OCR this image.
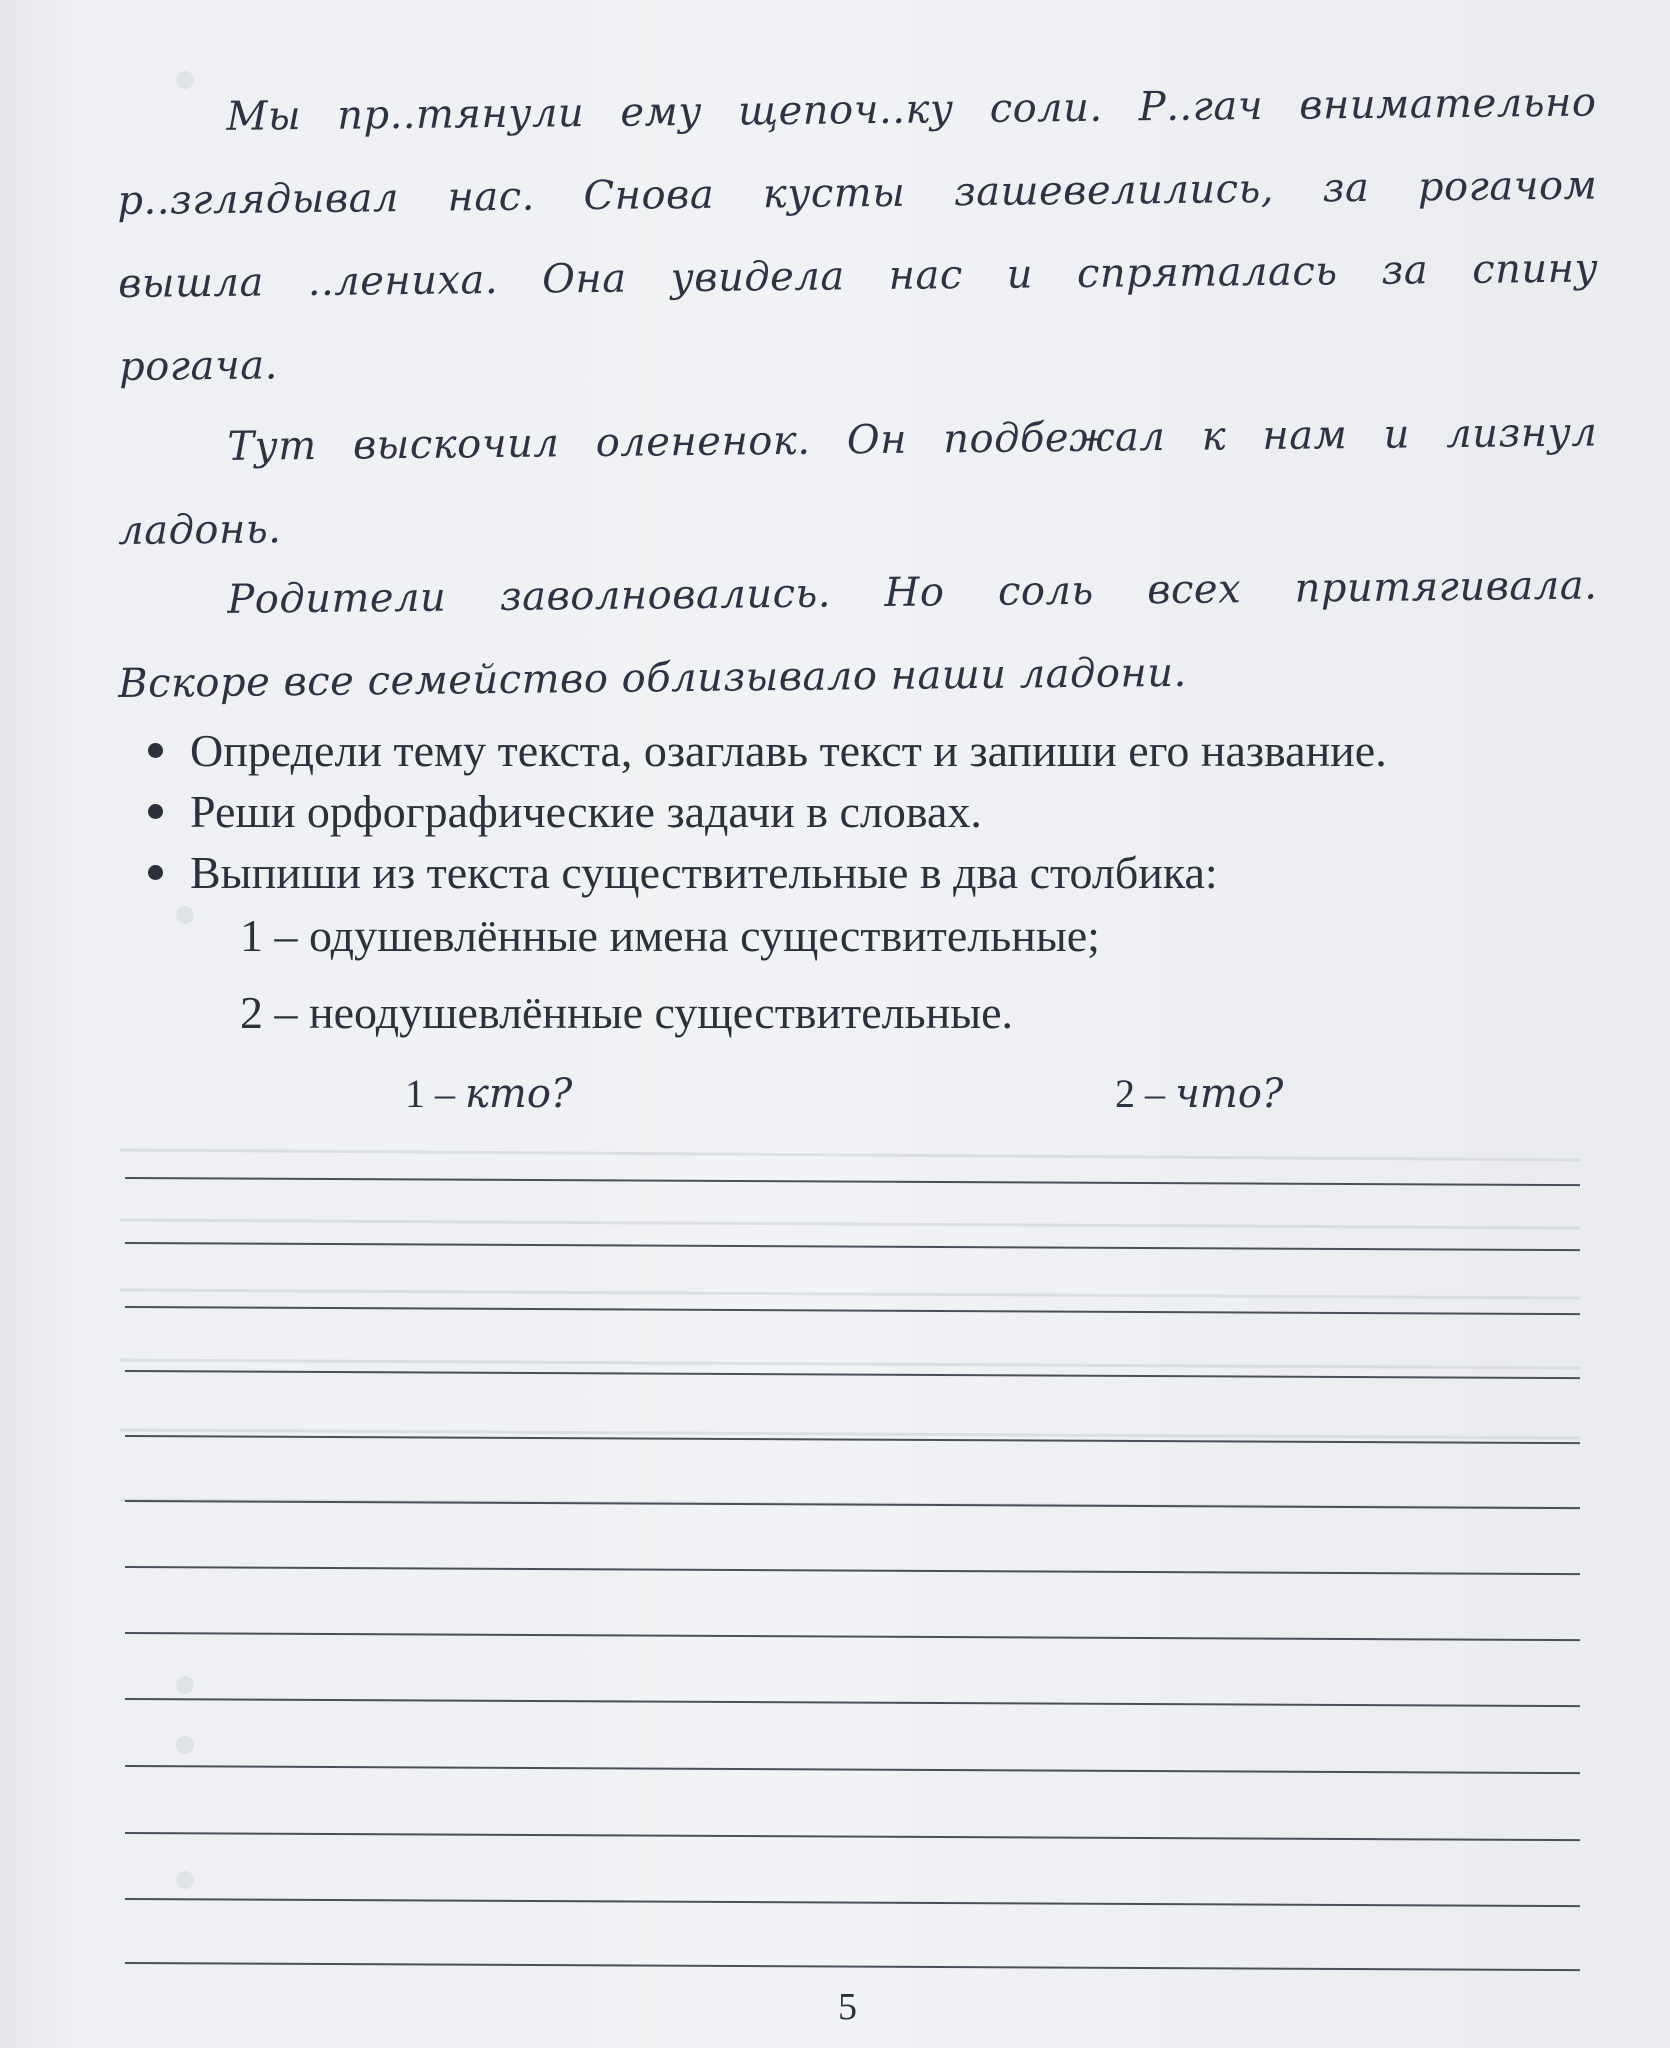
Мы пр..тянули ему щепоч..ку соли. Р..гач внимательно
р..зглядывал нас. Снова кусты зашевелились, за рогачом
вышла ..лениха. Она увидела нас и спряталась за спину
рогача.
Тут выскочил олененок. Он подбежал к нам и лизнул
ладонь.
Родители заволновались. Но соль всех притягивала.
Вскоре все семейство облизывало наши ладони.
Определи тему текста, озаглавь текст и запиши его название.
Реши орфографические задачи в словах.
Выпиши из текста существительные в два столбика:
1 – одушевлённые имена существительные;
2 – неодушевлённые существительные.
1 – кто?	2 – что?
5
